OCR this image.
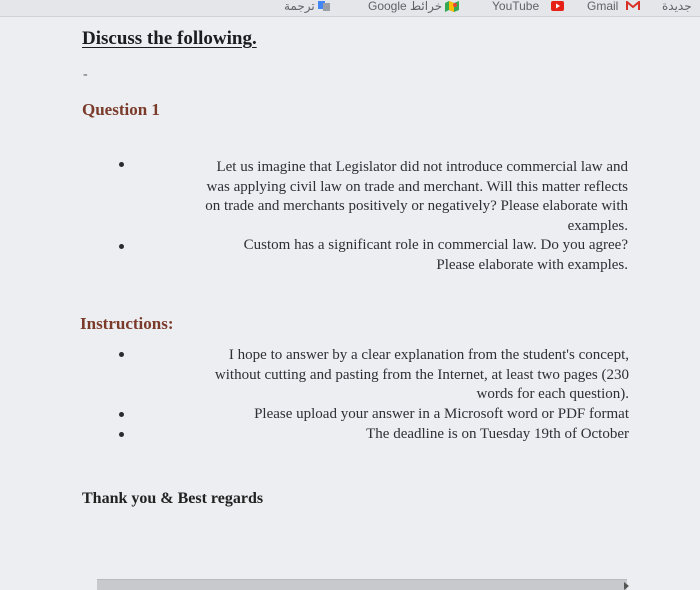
ترجمة	Google خرائط	YouTube	Gmail	جديدة
Discuss the following.
-
Question 1
Let us imagine that Legislator did not introduce commercial law and
was applying civil law on trade and merchant. Will this matter reflects
on trade and merchants positively or negatively? Please elaborate with
examples.
Custom has a significant role in commercial law. Do you agree?
Please elaborate with examples.
Instructions:
I hope to answer by a clear explanation from the student's concept,
without cutting and pasting from the Internet, at least two pages (230
words for each question).
Please upload your answer in a Microsoft word or PDF format
The deadline is on Tuesday 19th of October
Thank you & Best regards
